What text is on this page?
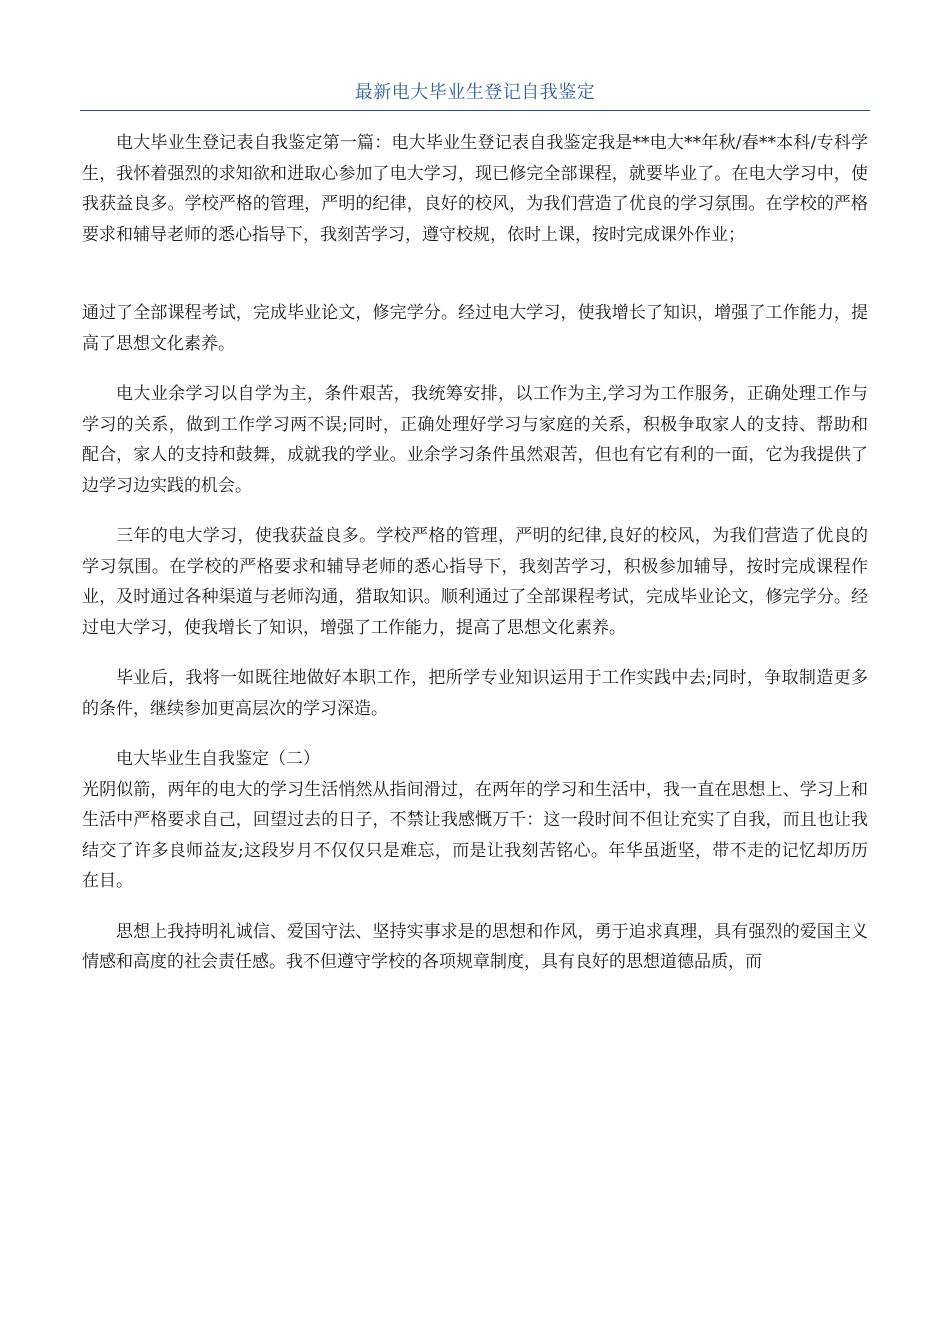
最新电大毕业生登记自我鉴定

电大毕业生登记表自我鉴定第一篇：电大毕业生登记表自我鉴定我是**电大**年秋/春**本科/专科学生，我怀着强烈的求知欲和进取心参加了电大学习，现已修完全部课程，就要毕业了。在电大学习中，使我获益良多。学校严格的管理，严明的纪律，良好的校风，为我们营造了优良的学习氛围。在学校的严格要求和辅导老师的悉心指导下，我刻苦学习，遵守校规，依时上课，按时完成课外作业；

通过了全部课程考试，完成毕业论文，修完学分。经过电大学习，使我增长了知识，增强了工作能力，提高了思想文化素养。

电大业余学习以自学为主，条件艰苦，我统筹安排，以工作为主,学习为工作服务，正确处理工作与学习的关系，做到工作学习两不误;同时，正确处理好学习与家庭的关系，积极争取家人的支持、帮助和配合，家人的支持和鼓舞，成就我的学业。业余学习条件虽然艰苦，但也有它有利的一面，它为我提供了边学习边实践的机会。

三年的电大学习，使我获益良多。学校严格的管理，严明的纪律,良好的校风，为我们营造了优良的学习氛围。在学校的严格要求和辅导老师的悉心指导下，我刻苦学习，积极参加辅导，按时完成课程作业，及时通过各种渠道与老师沟通，猎取知识。顺利通过了全部课程考试，完成毕业论文，修完学分。经过电大学习，使我增长了知识，增强了工作能力，提高了思想文化素养。

毕业后，我将一如既往地做好本职工作，把所学专业知识运用于工作实践中去;同时，争取制造更多的条件，继续参加更高层次的学习深造。

电大毕业生自我鉴定（二）

光阴似箭，两年的电大的学习生活悄然从指间滑过，在两年的学习和生活中，我一直在思想上、学习上和生活中严格要求自己，回望过去的日子，不禁让我感慨万千：这一段时间不但让充实了自我，而且也让我结交了许多良师益友;这段岁月不仅仅只是难忘，而是让我刻苦铭心。年华虽逝坚，带不走的记忆却历历在目。

思想上我持明礼诚信、爱国守法、坚持实事求是的思想和作风，勇于追求真理，具有强烈的爱国主义情感和高度的社会责任感。我不但遵守学校的各项规章制度，具有良好的思想道德品质，而
